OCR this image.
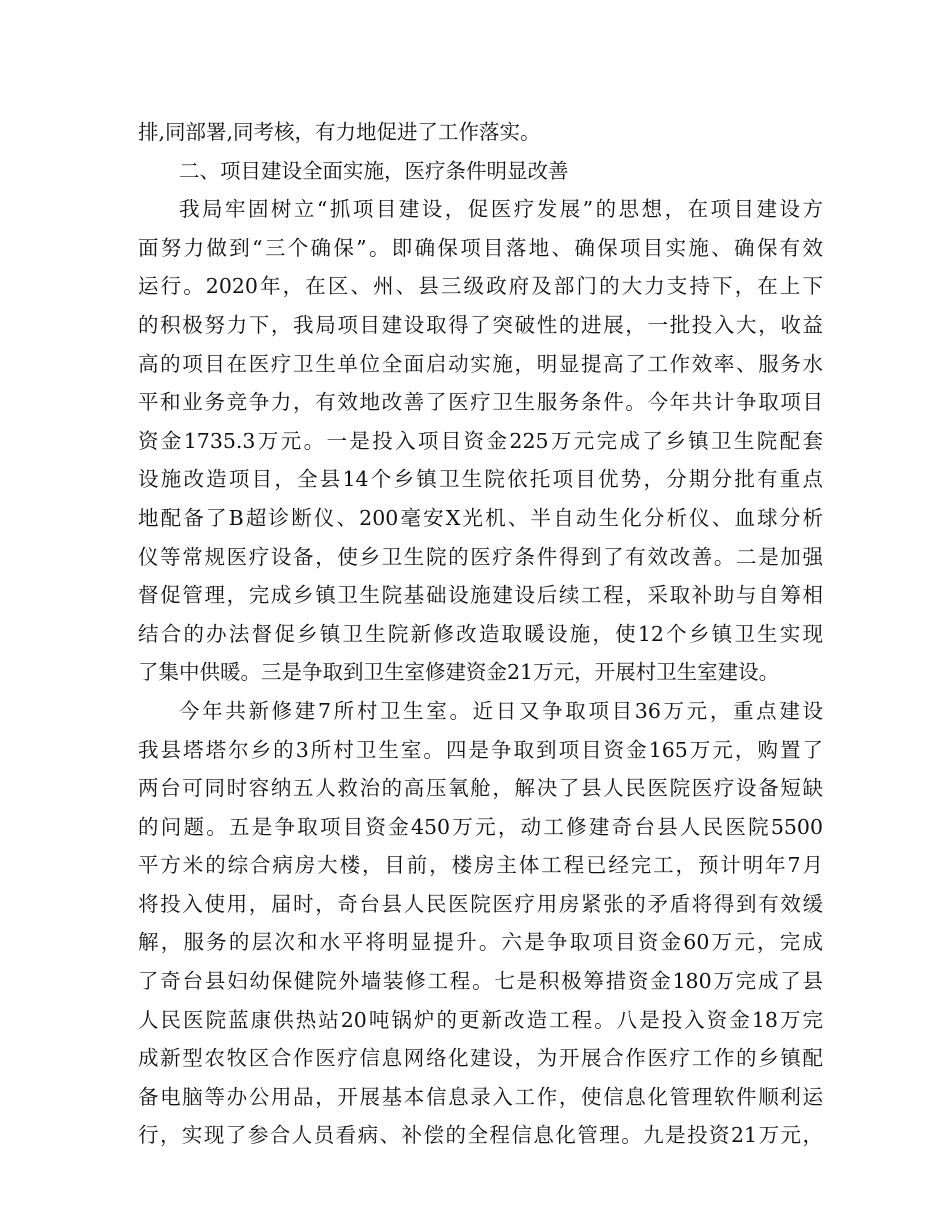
排,同部署,同考核，有力地促进了工作落实。
二、项目建设全面实施，医疗条件明显改善
我局牢固树立“抓项目建设，促医疗发展”的思想，在项目建设方
面努力做到“三个确保”。即确保项目落地、确保项目实施、确保有效
运行。2020年，在区、州、县三级政府及部门的大力支持下，在上下
的积极努力下，我局项目建设取得了突破性的进展，一批投入大，收益
高的项目在医疗卫生单位全面启动实施，明显提高了工作效率、服务水
平和业务竞争力，有效地改善了医疗卫生服务条件。今年共计争取项目
资金1735.3万元。一是投入项目资金225万元完成了乡镇卫生院配套
设施改造项目，全县14个乡镇卫生院依托项目优势，分期分批有重点
地配备了B超诊断仪、200毫安X光机、半自动生化分析仪、血球分析
仪等常规医疗设备，使乡卫生院的医疗条件得到了有效改善。二是加强
督促管理，完成乡镇卫生院基础设施建设后续工程，采取补助与自筹相
结合的办法督促乡镇卫生院新修改造取暖设施，使12个乡镇卫生实现
了集中供暖。三是争取到卫生室修建资金21万元，开展村卫生室建设。
今年共新修建7所村卫生室。近日又争取项目36万元，重点建设
我县塔塔尔乡的3所村卫生室。四是争取到项目资金165万元，购置了
两台可同时容纳五人救治的高压氧舱，解决了县人民医院医疗设备短缺
的问题。五是争取项目资金450万元，动工修建奇台县人民医院5500
平方米的综合病房大楼，目前，楼房主体工程已经完工，预计明年7月
将投入使用，届时，奇台县人民医院医疗用房紧张的矛盾将得到有效缓
解，服务的层次和水平将明显提升。六是争取项目资金60万元，完成
了奇台县妇幼保健院外墙装修工程。七是积极筹措资金180万完成了县
人民医院蓝康供热站20吨锅炉的更新改造工程。八是投入资金18万完
成新型农牧区合作医疗信息网络化建设，为开展合作医疗工作的乡镇配
备电脑等办公用品，开展基本信息录入工作，使信息化管理软件顺利运
行，实现了参合人员看病、补偿的全程信息化管理。九是投资21万元，
